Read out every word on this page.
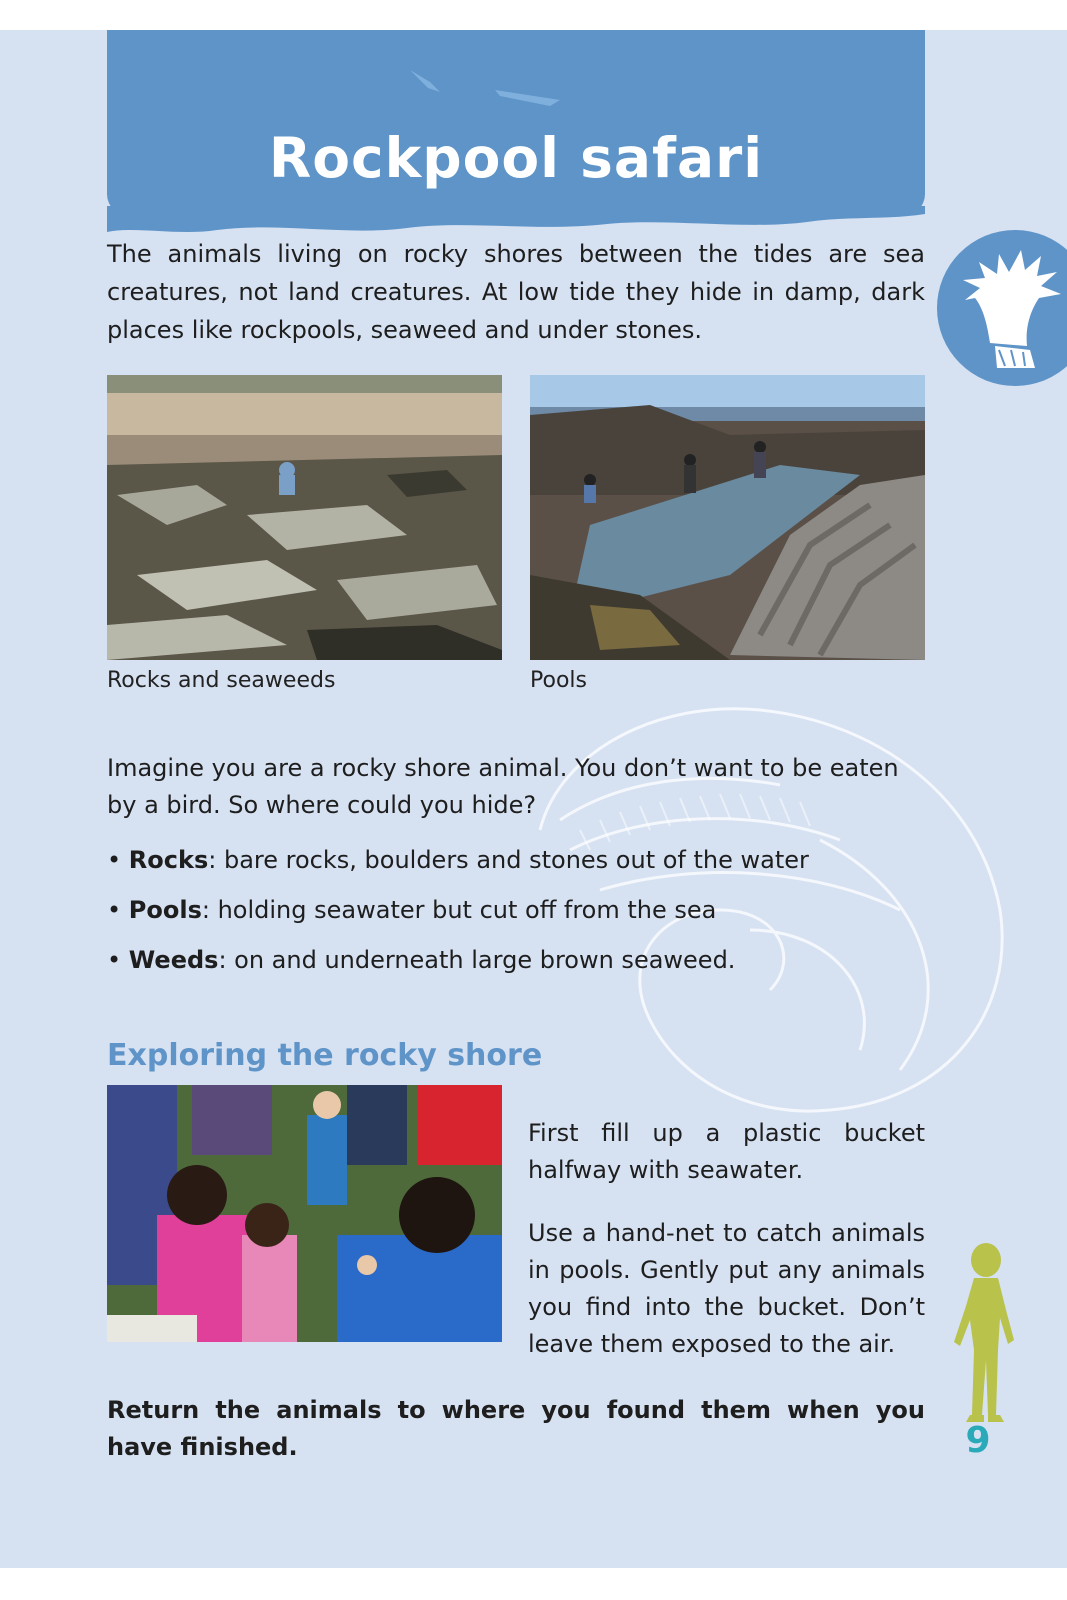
Rockpool safari

The animals living on rocky shores between the tides are sea creatures, not land creatures. At low tide they hide in damp, dark places like rockpools, seaweed and under stones.

Rocks and seaweeds	Pools

Imagine you are a rocky shore animal. You don’t want to be eaten by a bird. So where could you hide?

• Rocks: bare rocks, boulders and stones out of the water
• Pools: holding seawater but cut off from the sea
• Weeds: on and underneath large brown seaweed.
Exploring the rocky shore

First fill up a plastic bucket halfway with seawater.

Use a hand-net to catch animals in pools. Gently put any animals you find into the bucket. Don’t leave them exposed to the air.

Return the animals to where you found them when you have finished.	9
